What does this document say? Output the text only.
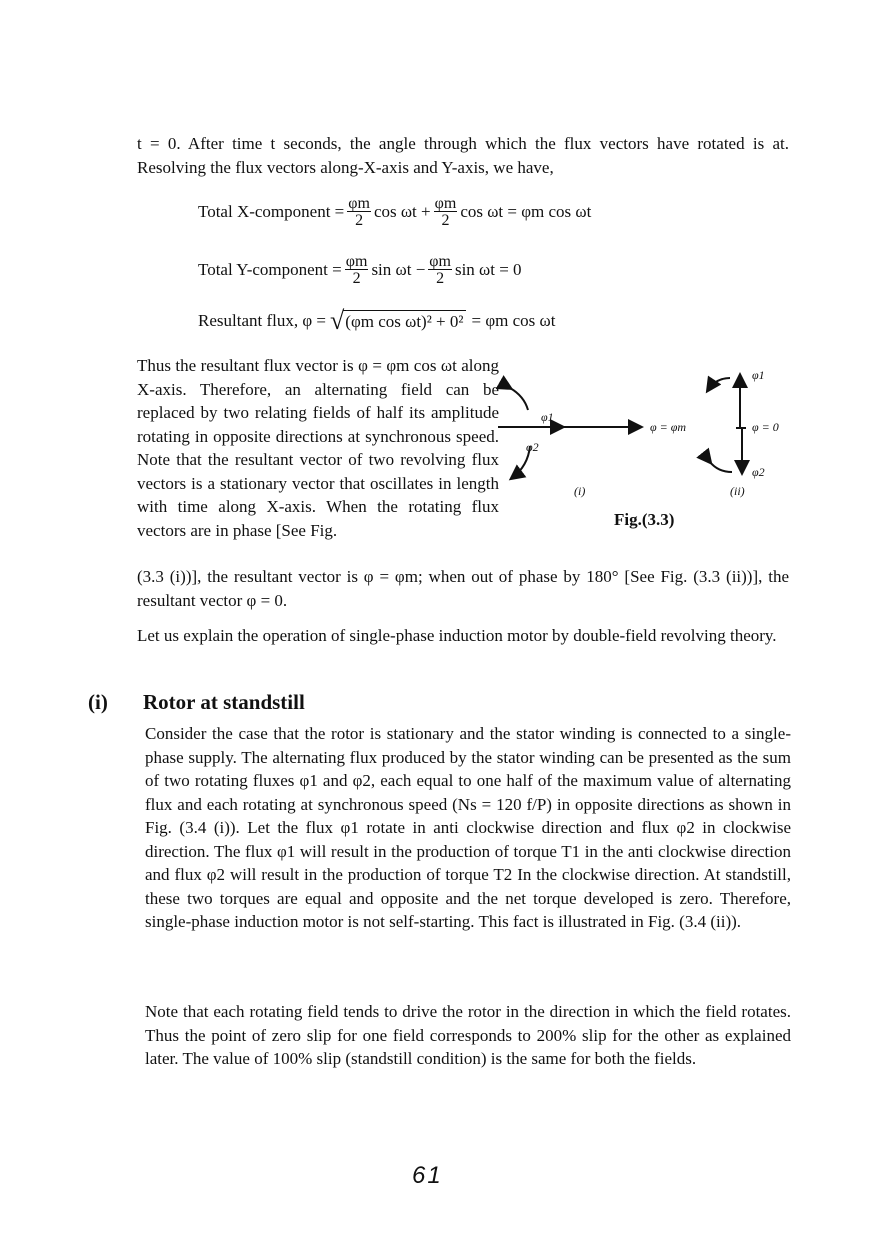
t = 0. After time t seconds, the angle through which the flux vectors have rotated is at. Resolving the flux vectors along-X-axis and Y-axis, we have,

Total X-component = $\frac{\varphi m}{2}$ $\cos \omega t + \frac{\varphi m}{2}$ cos ωt = φm cos ωt
Total Y-component = $\frac{\varphi m}{2}$ $\sin \omega t - \frac{\varphi m}{2}$ sin ωt = 0
Resultant flux, φ = √ (φm cos ωt)² + 0² = φm cos ωt

Thus the resultant flux vector is φ = φm cos ωt along X-axis. Therefore, an alternating field can be replaced by two relating fields of half its amplitude rotating in opposite directions at synchronous speed. Note that the resultant vector of two revolving flux vectors is a stationary vector that oscillates in length with time along X-axis. When the rotating flux vectors are in phase [See Fig.

φ1
φ2
φ = φm
φ1
φ = 0
φ2
(i)	(ii)
Fig.(3.3)

(3.3 (i))], the resultant vector is φ = φm; when out of phase by 180° [See Fig. (3.3 (ii))], the resultant vector φ = 0.

Let us explain the operation of single-phase induction motor by double-field revolving theory.

(i) Rotor at standstill

Consider the case that the rotor is stationary and the stator winding is connected to a single-phase supply. The alternating flux produced by the stator winding can be presented as the sum of two rotating fluxes φ1 and φ2, each equal to one half of the maximum value of alternating flux and each rotating at synchronous speed (Ns = 120 f/P) in opposite directions as shown in Fig. (3.4 (i)). Let the flux φ1 rotate in anti clockwise direction and flux φ2 in clockwise direction. The flux φ1 will result in the production of torque T1 in the anti clockwise direction and flux φ2 will result in the production of torque T2 In the clockwise direction. At standstill, these two torques are equal and opposite and the net torque developed is zero. Therefore, single-phase induction motor is not self-starting. This fact is illustrated in Fig. (3.4 (ii)).

Note that each rotating field tends to drive the rotor in the direction in which the field rotates. Thus the point of zero slip for one field corresponds to 200% slip for the other as explained later. The value of 100% slip (standstill condition) is the same for both the fields.

61
